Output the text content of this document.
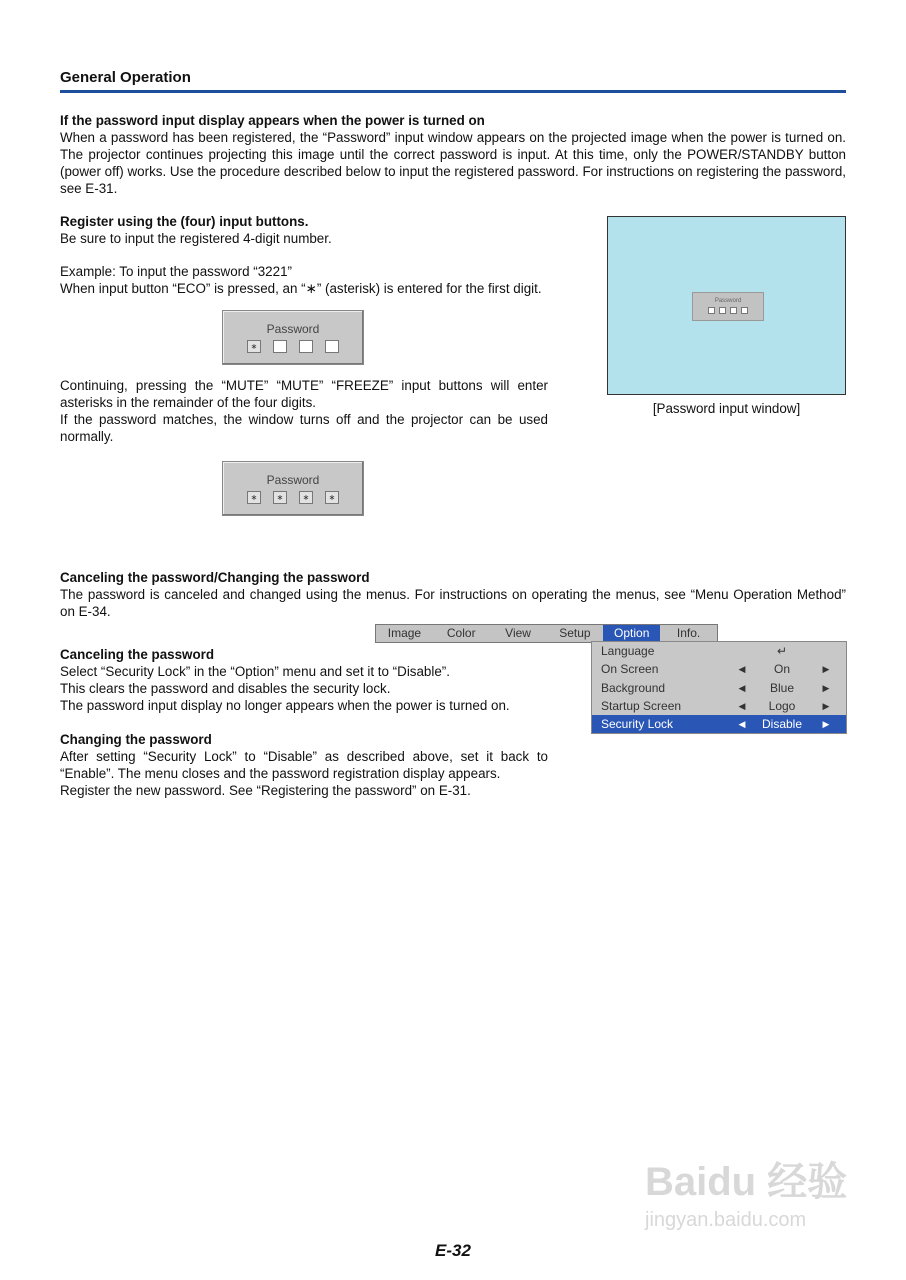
General Operation
If the password input display appears when the power is turned on
When a password has been registered, the “Password” input window appears on the projected image when the power is turned on. The projector continues projecting this image until the correct password is input. At this time, only the POWER/STANDBY button (power off) works. Use the procedure described below to input the registered password. For instructions on registering the password, see E-31.
Register using the (four) input buttons.
Be sure to input the registered 4-digit number.
Example: To input the password “3221”
When input button “ECO” is pressed, an “∗” (asterisk) is entered for the first digit.
Password
∗
Continuing, pressing the “MUTE” “MUTE” “FREEZE” input buttons will enter asterisks in the remainder of the four digits.
If the password matches, the window turns off and the projector can be used normally.
Password
∗	∗	∗	∗
Password
[Password input window]
Canceling the password/Changing the password
The password is canceled and changed using the menus. For instructions on operating the menus, see “Menu Operation Method” on E-34.
Canceling the password
Select “Security Lock” in the “Option” menu and set it to “Disable”.
This clears the password and disables the security lock.
The password input display no longer appears when the power is turned on.
Changing the password
After setting “Security Lock” to “Disable” as described above, set it back to “Enable”. The menu closes and the password registration display appears.
Register the new password. See “Registering the password” on E-31.
Image	Color	View	Setup	Option	Info.
Language	↵
On Screen	◀	On	▶
Background	◀	Blue	▶
Startup Screen	◀	Logo	▶
Security Lock	◀	Disable	▶
Baidu 经验
jingyan.baidu.com
E-32
